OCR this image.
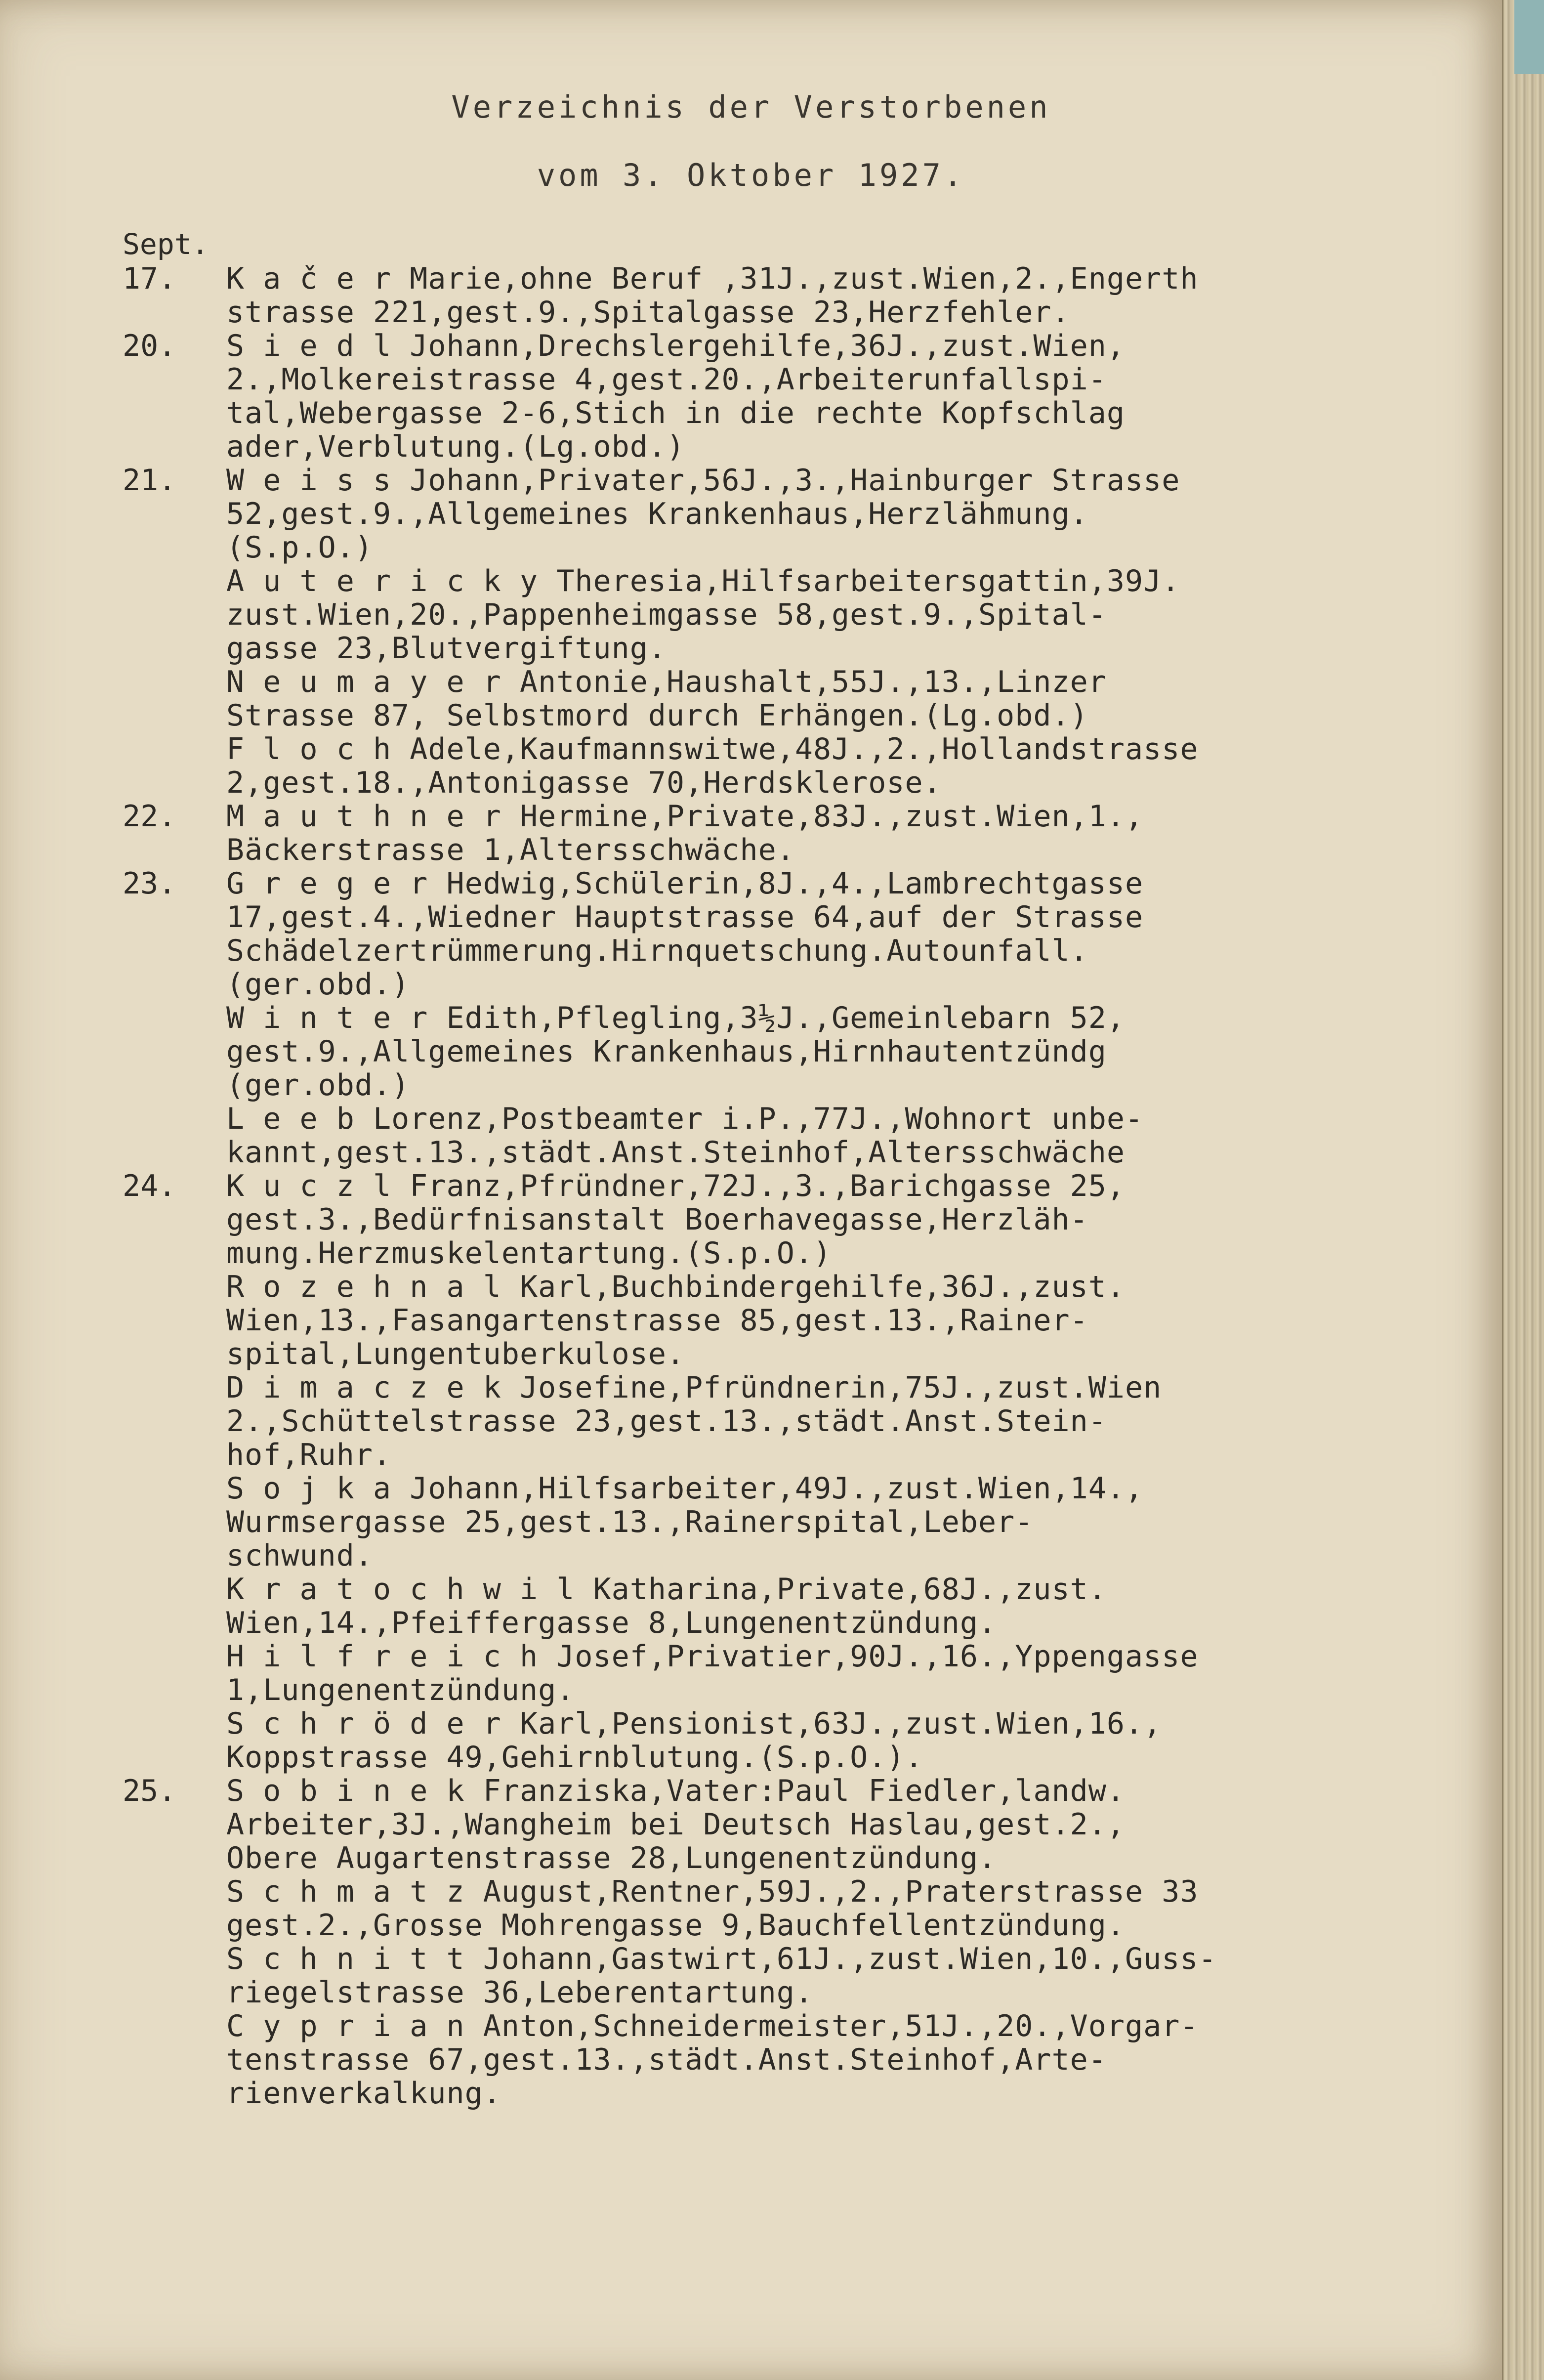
Verzeichnis der Verstorbenen
vom 3. Oktober 1927.
Sept.
17.	K a č e r Marie,ohne Beruf ,31J.,zust.Wien,2.,Engerth
strasse 221,gest.9.,Spitalgasse 23,Herzfehler.
20.	S i e d l Johann,Drechslergehilfe,36J.,zust.Wien,
2.,Molkereistrasse 4,gest.20.,Arbeiterunfallspi-
tal,Webergasse 2-6,Stich in die rechte Kopfschlag
ader,Verblutung.(Lg.obd.)
21.	W e i s s Johann,Privater,56J.,3.,Hainburger Strasse
52,gest.9.,Allgemeines Krankenhaus,Herzlähmung.
(S.p.O.)
A u t e r i c k y Theresia,Hilfsarbeitersgattin,39J.
zust.Wien,20.,Pappenheimgasse 58,gest.9.,Spital-
gasse 23,Blutvergiftung.
N e u m a y e r Antonie,Haushalt,55J.,13.,Linzer
Strasse 87, Selbstmord durch Erhängen.(Lg.obd.)
F l o c h Adele,Kaufmannswitwe,48J.,2.,Hollandstrasse
2,gest.18.,Antonigasse 70,Herdsklerose.
22.	M a u t h n e r Hermine,Private,83J.,zust.Wien,1.,
Bäckerstrasse 1,Altersschwäche.
23.	G r e g e r Hedwig,Schülerin,8J.,4.,Lambrechtgasse
17,gest.4.,Wiedner Hauptstrasse 64,auf der Strasse
Schädelzertrümmerung.Hirnquetschung.Autounfall.
(ger.obd.)
W i n t e r Edith,Pflegling,3½J.,Gemeinlebarn 52,
gest.9.,Allgemeines Krankenhaus,Hirnhautentzündg
(ger.obd.)
L e e b Lorenz,Postbeamter i.P.,77J.,Wohnort unbe-
kannt,gest.13.,städt.Anst.Steinhof,Altersschwäche
24.	K u c z l Franz,Pfründner,72J.,3.,Barichgasse 25,
gest.3.,Bedürfnisanstalt Boerhavegasse,Herzläh-
mung.Herzmuskelentartung.(S.p.O.)
R o z e h n a l Karl,Buchbindergehilfe,36J.,zust.
Wien,13.,Fasangartenstrasse 85,gest.13.,Rainer-
spital,Lungentuberkulose.
D i m a c z e k Josefine,Pfründnerin,75J.,zust.Wien
2.,Schüttelstrasse 23,gest.13.,städt.Anst.Stein-
hof,Ruhr.
S o j k a Johann,Hilfsarbeiter,49J.,zust.Wien,14.,
Wurmsergasse 25,gest.13.,Rainerspital,Leber-
schwund.
K r a t o c h w i l Katharina,Private,68J.,zust.
Wien,14.,Pfeiffergasse 8,Lungenentzündung.
H i l f r e i c h Josef,Privatier,90J.,16.,Yppengasse
1,Lungenentzündung.
S c h r ö d e r Karl,Pensionist,63J.,zust.Wien,16.,
Koppstrasse 49,Gehirnblutung.(S.p.O.).
25.	S o b i n e k Franziska,Vater:Paul Fiedler,landw.
Arbeiter,3J.,Wangheim bei Deutsch Haslau,gest.2.,
Obere Augartenstrasse 28,Lungenentzündung.
S c h m a t z August,Rentner,59J.,2.,Praterstrasse 33
gest.2.,Grosse Mohrengasse 9,Bauchfellentzündung.
S c h n i t t Johann,Gastwirt,61J.,zust.Wien,10.,Guss-
riegelstrasse 36,Leberentartung.
C y p r i a n Anton,Schneidermeister,51J.,20.,Vorgar-
tenstrasse 67,gest.13.,städt.Anst.Steinhof,Arte-
rienverkalkung.
